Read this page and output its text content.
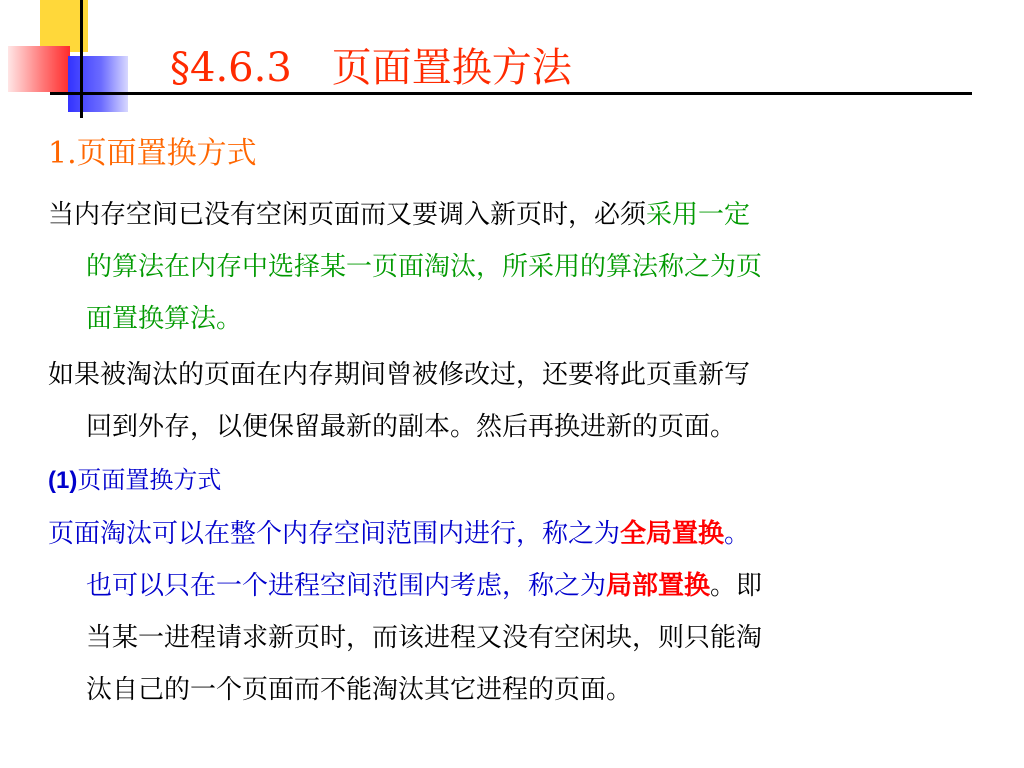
§4.6.3　页面置换方法
1.页面置换方式
当内存空间已没有空闲页面而又要调入新页时，必须采用一定
的算法在内存中选择某一页面淘汰，所采用的算法称之为页
面置换算法。
如果被淘汰的页面在内存期间曾被修改过，还要将此页重新写
回到外存，以便保留最新的副本。然后再换进新的页面。
(1)页面置换方式
页面淘汰可以在整个内存空间范围内进行，称之为全局置换。
也可以只在一个进程空间范围内考虑，称之为局部置换。即
当某一进程请求新页时，而该进程又没有空闲块，则只能淘
汰自己的一个页面而不能淘汰其它进程的页面。
